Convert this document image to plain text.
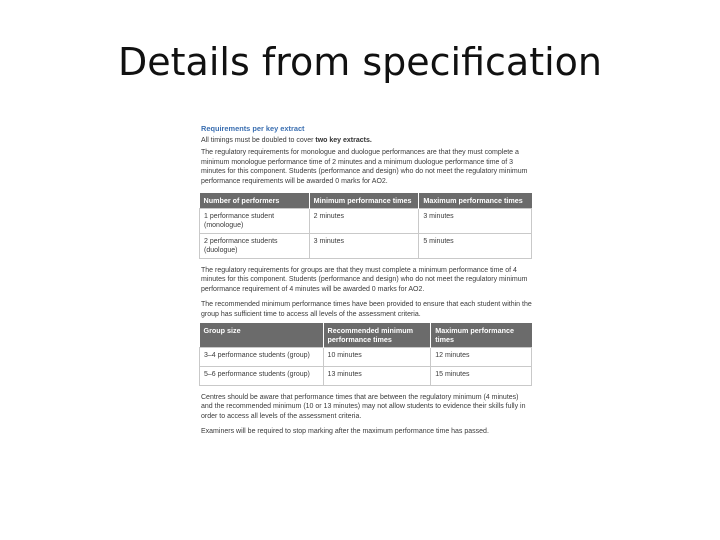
Details from specification
Requirements per key extract

All timings must be doubled to cover two key extracts.

The regulatory requirements for monologue and duologue performances are that they must complete a minimum monologue performance time of 2 minutes and a minimum duologue performance time of 3 minutes for this component. Students (performance and design) who do not meet the regulatory minimum performance requirements will be awarded 0 marks for AO2.

Number of performers	Minimum performance times	Maximum performance times
1 performance student (monologue)	2 minutes	3 minutes
2 performance students (duologue)	3 minutes	5 minutes

The regulatory requirements for groups are that they must complete a minimum performance time of 4 minutes for this component. Students (performance and design) who do not meet the regulatory minimum performance requirement of 4 minutes will be awarded 0 marks for AO2.

The recommended minimum performance times have been provided to ensure that each student within the group has sufficient time to access all levels of the assessment criteria.

Group size	Recommended minimum performance times	Maximum performance times
3–4 performance students (group)	10 minutes	12 minutes
5–6 performance students (group)	13 minutes	15 minutes

Centres should be aware that performance times that are between the regulatory minimum (4 minutes) and the recommended minimum (10 or 13 minutes) may not allow students to evidence their skills fully in order to access all levels of the assessment criteria.

Examiners will be required to stop marking after the maximum performance time has passed.
